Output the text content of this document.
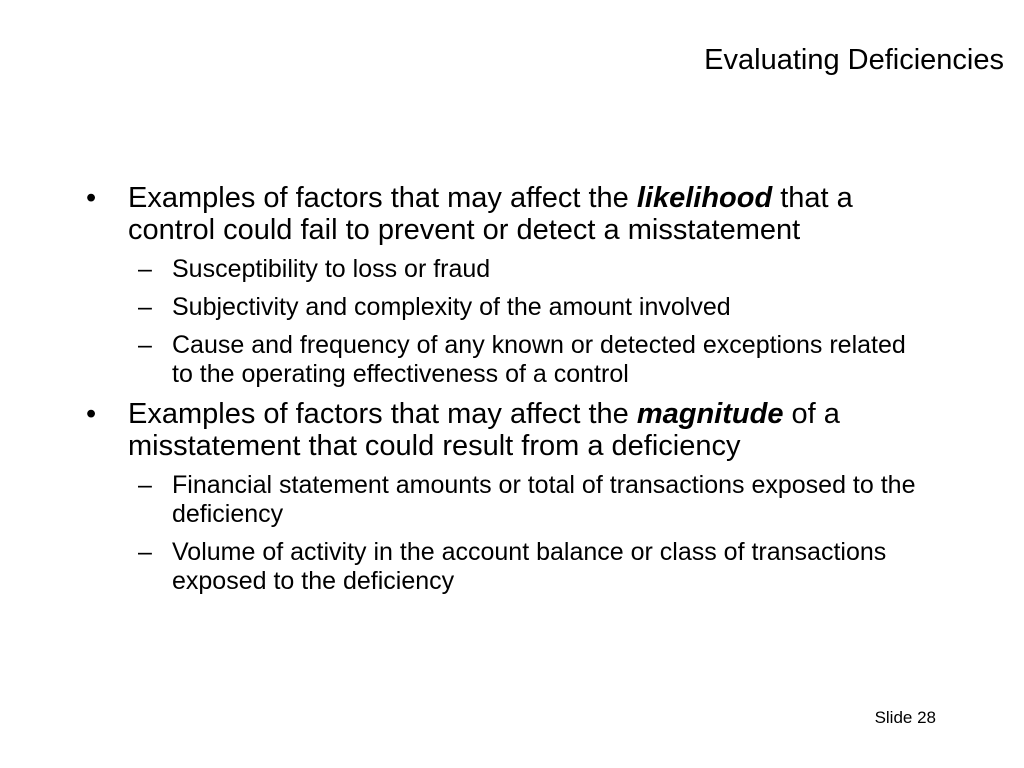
Evaluating Deficiencies
• Examples of factors that may affect the likelihood that a control could fail to prevent or detect a misstatement
– Susceptibility to loss or fraud
– Subjectivity and complexity of the amount involved
– Cause and frequency of any known or detected exceptions related to the operating effectiveness of a control
• Examples of factors that may affect the magnitude of a misstatement that could result from a deficiency
– Financial statement amounts or total of transactions exposed to the deficiency
– Volume of activity in the account balance or class of transactions exposed to the deficiency
Slide 28
